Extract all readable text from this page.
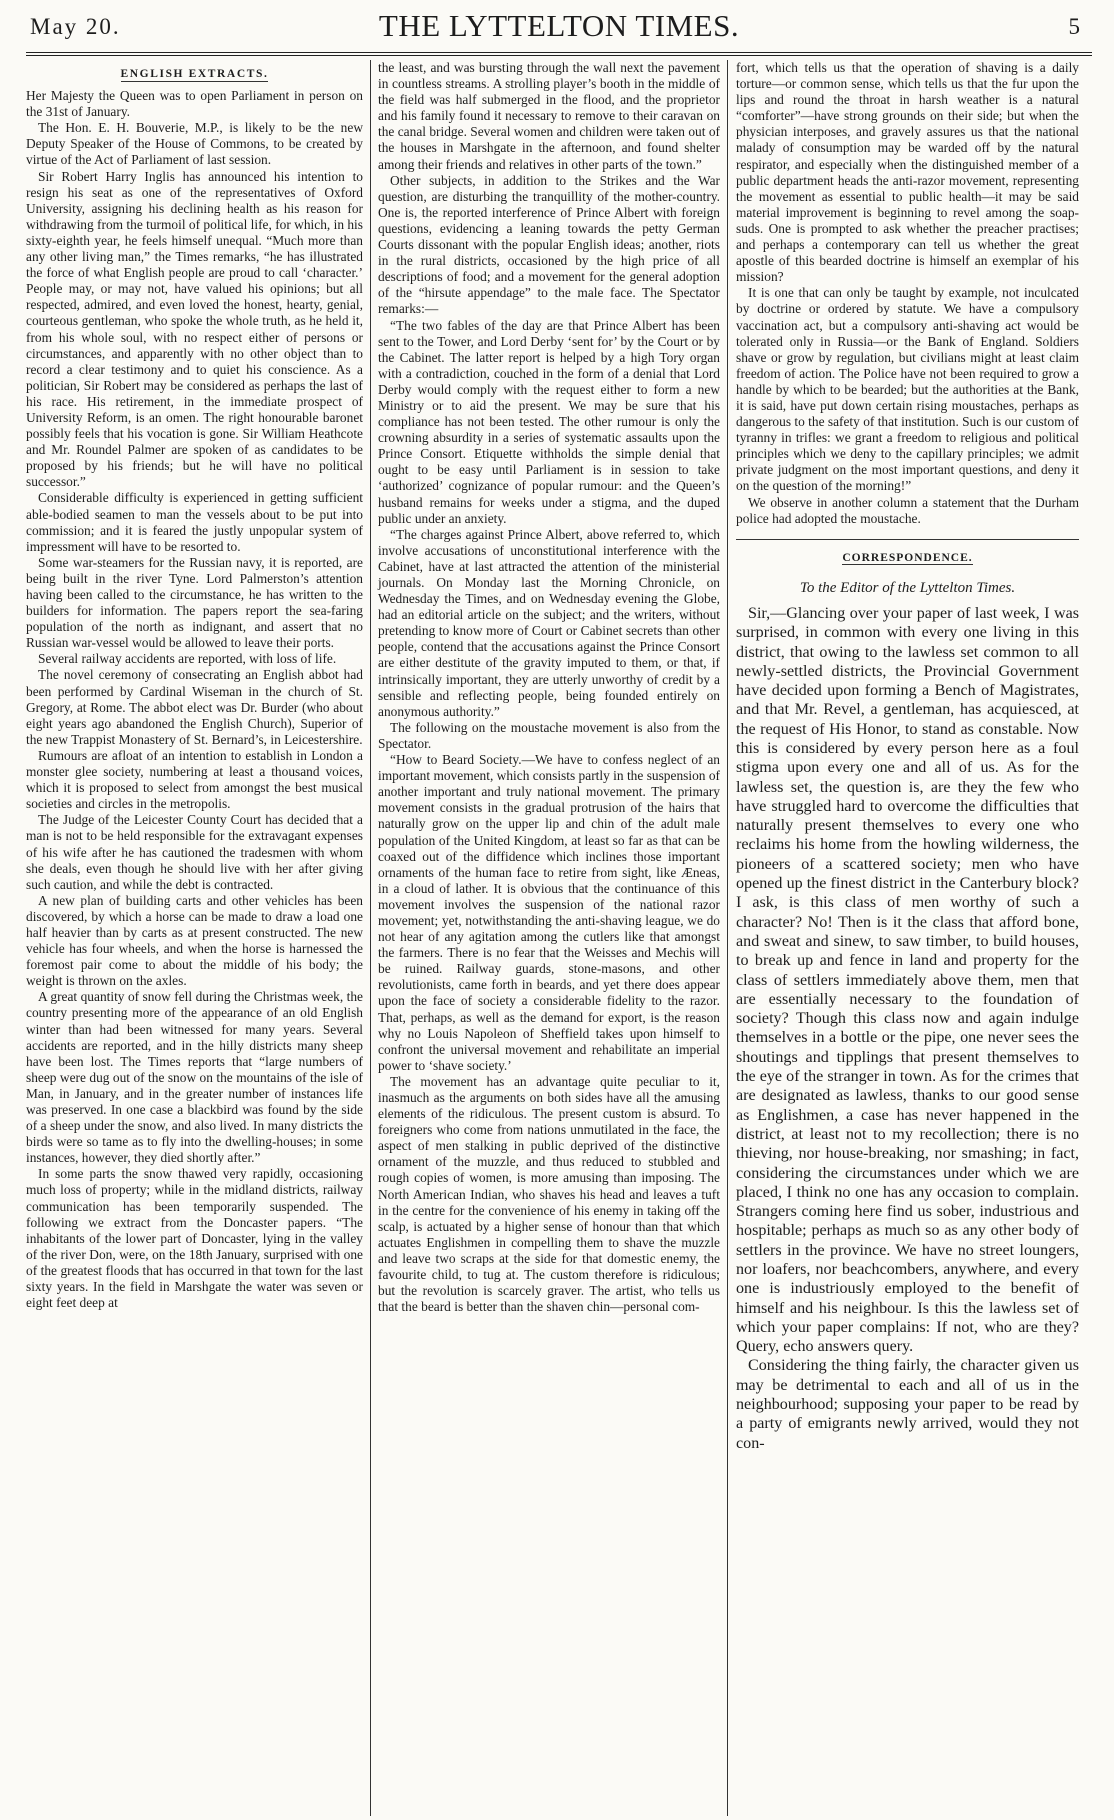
May 20.	THE LYTTELTON TIMES.	5
ENGLISH EXTRACTS.

Her Majesty the Queen was to open Parliament in person on the 31st of January.

The Hon. E. H. Bouverie, M.P., is likely to be the new Deputy Speaker of the House of Commons, to be created by virtue of the Act of Parliament of last session.

Sir Robert Harry Inglis has announced his intention to resign his seat as one of the representatives of Oxford University, assigning his declining health as his reason for withdrawing from the turmoil of political life, for which, in his sixty-eighth year, he feels himself unequal. “Much more than any other living man,” the Times remarks, “he has illustrated the force of what English people are proud to call ‘character.’ People may, or may not, have valued his opinions; but all respected, admired, and even loved the honest, hearty, genial, courteous gentleman, who spoke the whole truth, as he held it, from his whole soul, with no respect either of persons or circumstances, and apparently with no other object than to record a clear testimony and to quiet his conscience. As a politician, Sir Robert may be considered as perhaps the last of his race. His retirement, in the immediate prospect of University Reform, is an omen. The right honourable baronet possibly feels that his vocation is gone. Sir William Heathcote and Mr. Roundel Palmer are spoken of as candidates to be proposed by his friends; but he will have no political successor.”

Considerable difficulty is experienced in getting sufficient able-bodied seamen to man the vessels about to be put into commission; and it is feared the justly unpopular system of impressment will have to be resorted to.

Some war-steamers for the Russian navy, it is reported, are being built in the river Tyne. Lord Palmerston’s attention having been called to the circumstance, he has written to the builders for information. The papers report the sea-faring population of the north as indignant, and assert that no Russian war-vessel would be allowed to leave their ports.

Several railway accidents are reported, with loss of life.

The novel ceremony of consecrating an English abbot had been performed by Cardinal Wiseman in the church of St. Gregory, at Rome. The abbot elect was Dr. Burder (who about eight years ago abandoned the English Church), Superior of the new Trappist Monastery of St. Bernard’s, in Leicestershire.

Rumours are afloat of an intention to establish in London a monster glee society, numbering at least a thousand voices, which it is proposed to select from amongst the best musical societies and circles in the metropolis.

The Judge of the Leicester County Court has decided that a man is not to be held responsible for the extravagant expenses of his wife after he has cautioned the tradesmen with whom she deals, even though he should live with her after giving such caution, and while the debt is contracted.

A new plan of building carts and other vehicles has been discovered, by which a horse can be made to draw a load one half heavier than by carts as at present constructed. The new vehicle has four wheels, and when the horse is harnessed the foremost pair come to about the middle of his body; the weight is thrown on the axles.

A great quantity of snow fell during the Christmas week, the country presenting more of the appearance of an old English winter than had been witnessed for many years. Several accidents are reported, and in the hilly districts many sheep have been lost. The Times reports that “large numbers of sheep were dug out of the snow on the mountains of the isle of Man, in January, and in the greater number of instances life was preserved. In one case a blackbird was found by the side of a sheep under the snow, and also lived. In many districts the birds were so tame as to fly into the dwelling-houses; in some instances, however, they died shortly after.”

In some parts the snow thawed very rapidly, occasioning much loss of property; while in the midland districts, railway communication has been temporarily suspended. The following we extract from the Doncaster papers. “The inhabitants of the lower part of Doncaster, lying in the valley of the river Don, were, on the 18th January, surprised with one of the greatest floods that has occurred in that town for the last sixty years. In the field in Marshgate the water was seven or eight feet deep at

the least, and was bursting through the wall next the pavement in countless streams. A strolling player’s booth in the middle of the field was half submerged in the flood, and the proprietor and his family found it necessary to remove to their caravan on the canal bridge. Several women and children were taken out of the houses in Marshgate in the afternoon, and found shelter among their friends and relatives in other parts of the town.”

Other subjects, in addition to the Strikes and the War question, are disturbing the tranquillity of the mother-country. One is, the reported interference of Prince Albert with foreign questions, evidencing a leaning towards the petty German Courts dissonant with the popular English ideas; another, riots in the rural districts, occasioned by the high price of all descriptions of food; and a movement for the general adoption of the “hirsute appendage” to the male face. The Spectator remarks:—

“The two fables of the day are that Prince Albert has been sent to the Tower, and Lord Derby ‘sent for’ by the Court or by the Cabinet. The latter report is helped by a high Tory organ with a contradiction, couched in the form of a denial that Lord Derby would comply with the request either to form a new Ministry or to aid the present. We may be sure that his compliance has not been tested. The other rumour is only the crowning absurdity in a series of systematic assaults upon the Prince Consort. Etiquette withholds the simple denial that ought to be easy until Parliament is in session to take ‘authorized’ cognizance of popular rumour: and the Queen’s husband remains for weeks under a stigma, and the duped public under an anxiety.

“The charges against Prince Albert, above referred to, which involve accusations of unconstitutional interference with the Cabinet, have at last attracted the attention of the ministerial journals. On Monday last the Morning Chronicle, on Wednesday the Times, and on Wednesday evening the Globe, had an editorial article on the subject; and the writers, without pretending to know more of Court or Cabinet secrets than other people, contend that the accusations against the Prince Consort are either destitute of the gravity imputed to them, or that, if intrinsically important, they are utterly unworthy of credit by a sensible and reflecting people, being founded entirely on anonymous authority.”

The following on the moustache movement is also from the Spectator.

“How to Beard Society.—We have to confess neglect of an important movement, which consists partly in the suspension of another important and truly national movement. The primary movement consists in the gradual protrusion of the hairs that naturally grow on the upper lip and chin of the adult male population of the United Kingdom, at least so far as that can be coaxed out of the diffidence which inclines those important ornaments of the human face to retire from sight, like Æneas, in a cloud of lather. It is obvious that the continuance of this movement involves the suspension of the national razor movement; yet, notwithstanding the anti-shaving league, we do not hear of any agitation among the cutlers like that amongst the farmers. There is no fear that the Weisses and Mechis will be ruined. Railway guards, stone-masons, and other revolutionists, came forth in beards, and yet there does appear upon the face of society a considerable fidelity to the razor. That, perhaps, as well as the demand for export, is the reason why no Louis Napoleon of Sheffield takes upon himself to confront the universal movement and rehabilitate an imperial power to ‘shave society.’

The movement has an advantage quite peculiar to it, inasmuch as the arguments on both sides have all the amusing elements of the ridiculous. The present custom is absurd. To foreigners who come from nations unmutilated in the face, the aspect of men stalking in public deprived of the distinctive ornament of the muzzle, and thus reduced to stubbled and rough copies of women, is more amusing than imposing. The North American Indian, who shaves his head and leaves a tuft in the centre for the convenience of his enemy in taking off the scalp, is actuated by a higher sense of honour than that which actuates Englishmen in compelling them to shave the muzzle and leave two scraps at the side for that domestic enemy, the favourite child, to tug at. The custom therefore is ridiculous; but the revolution is scarcely graver. The artist, who tells us that the beard is better than the shaven chin—personal com-

fort, which tells us that the operation of shaving is a daily torture—or common sense, which tells us that the fur upon the lips and round the throat in harsh weather is a natural “comforter”—have strong grounds on their side; but when the physician interposes, and gravely assures us that the national malady of consumption may be warded off by the natural respirator, and especially when the distinguished member of a public department heads the anti-razor movement, representing the movement as essential to public health—it may be said material improvement is beginning to revel among the soap-suds. One is prompted to ask whether the preacher practises; and perhaps a contemporary can tell us whether the great apostle of this bearded doctrine is himself an exemplar of his mission?

It is one that can only be taught by example, not inculcated by doctrine or ordered by statute. We have a compulsory vaccination act, but a compulsory anti-shaving act would be tolerated only in Russia—or the Bank of England. Soldiers shave or grow by regulation, but civilians might at least claim freedom of action. The Police have not been required to grow a handle by which to be bearded; but the authorities at the Bank, it is said, have put down certain rising moustaches, perhaps as dangerous to the safety of that institution. Such is our custom of tyranny in trifles: we grant a freedom to religious and political principles which we deny to the capillary principles; we admit private judgment on the most important questions, and deny it on the question of the morning!”

We observe in another column a statement that the Durham police had adopted the moustache.

CORRESPONDENCE.
To the Editor of the Lyttelton Times.

Sir,—Glancing over your paper of last week, I was surprised, in common with every one living in this district, that owing to the lawless set common to all newly-settled districts, the Provincial Government have decided upon forming a Bench of Magistrates, and that Mr. Revel, a gentleman, has acquiesced, at the request of His Honor, to stand as constable. Now this is considered by every person here as a foul stigma upon every one and all of us. As for the lawless set, the question is, are they the few who have struggled hard to overcome the difficulties that naturally present themselves to every one who reclaims his home from the howling wilderness, the pioneers of a scattered society; men who have opened up the finest district in the Canterbury block? I ask, is this class of men worthy of such a character? No! Then is it the class that afford bone, and sweat and sinew, to saw timber, to build houses, to break up and fence in land and property for the class of settlers immediately above them, men that are essentially necessary to the foundation of society? Though this class now and again indulge themselves in a bottle or the pipe, one never sees the shoutings and tipplings that present themselves to the eye of the stranger in town. As for the crimes that are designated as lawless, thanks to our good sense as Englishmen, a case has never happened in the district, at least not to my recollection; there is no thieving, nor house-breaking, nor smashing; in fact, considering the circumstances under which we are placed, I think no one has any occasion to complain. Strangers coming here find us sober, industrious and hospitable; perhaps as much so as any other body of settlers in the province. We have no street loungers, nor loafers, nor beachcombers, anywhere, and every one is industriously employed to the benefit of himself and his neighbour. Is this the lawless set of which your paper complains: If not, who are they? Query, echo answers query.

Considering the thing fairly, the character given us may be detrimental to each and all of us in the neighbourhood; supposing your paper to be read by a party of emigrants newly arrived, would they not con-
